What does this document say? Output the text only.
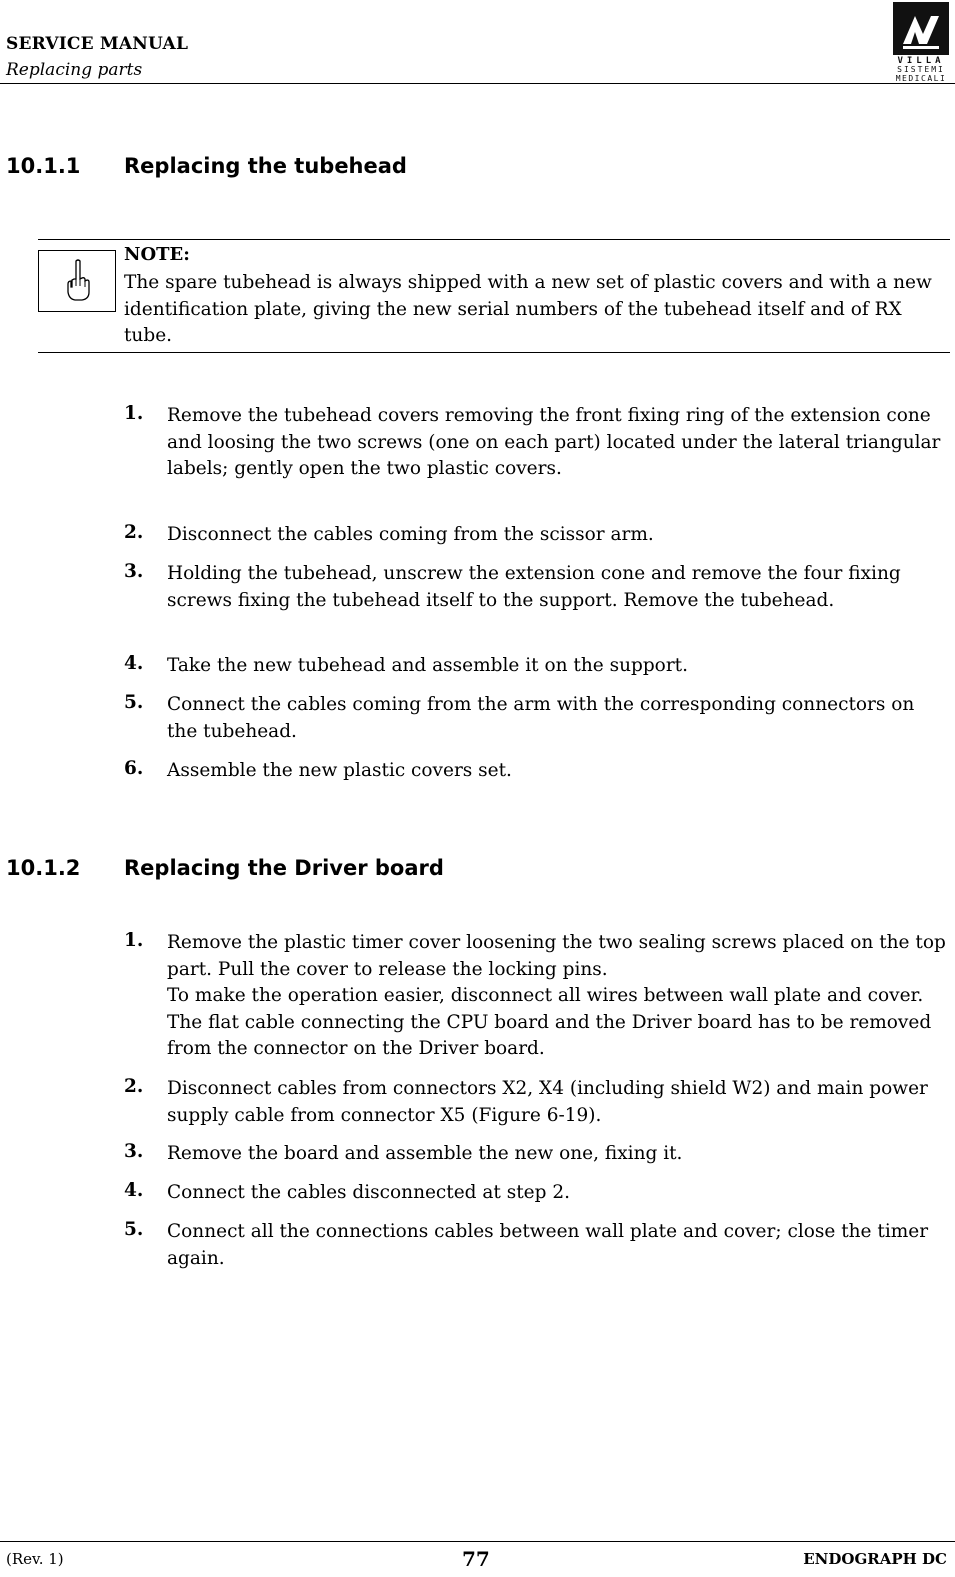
SERVICE MANUAL
Replacing parts	VILLA
SISTEMI
MEDICALI
10.1.1 Replacing the tubehead
NOTE:
The spare tubehead is always shipped with a new set of plastic covers and with a new identification plate, giving the new serial numbers of the tubehead itself and of RX tube.
1. Remove the tubehead covers removing the front fixing ring of the extension cone and loosing the two screws (one on each part) located under the lateral triangular labels; gently open the two plastic covers.
2. Disconnect the cables coming from the scissor arm.
3. Holding the tubehead, unscrew the extension cone and remove the four fixing screws fixing the tubehead itself to the support. Remove the tubehead.
4. Take the new tubehead and assemble it on the support.
5. Connect the cables coming from the arm with the corresponding connectors on the tubehead.
6. Assemble the new plastic covers set.
10.1.2 Replacing the Driver board
1. Remove the plastic timer cover loosening the two sealing screws placed on the top part. Pull the cover to release the locking pins.
To make the operation easier, disconnect all wires between wall plate and cover. The flat cable connecting the CPU board and the Driver board has to be removed from the connector on the Driver board.
2. Disconnect cables from connectors X2, X4 (including shield W2) and main power supply cable from connector X5 (Figure 6-19).
3. Remove the board and assemble the new one, fixing it.
4. Connect the cables disconnected at step 2.
5. Connect all the connections cables between wall plate and cover; close the timer again.
(Rev. 1)	77	ENDOGRAPH DC
